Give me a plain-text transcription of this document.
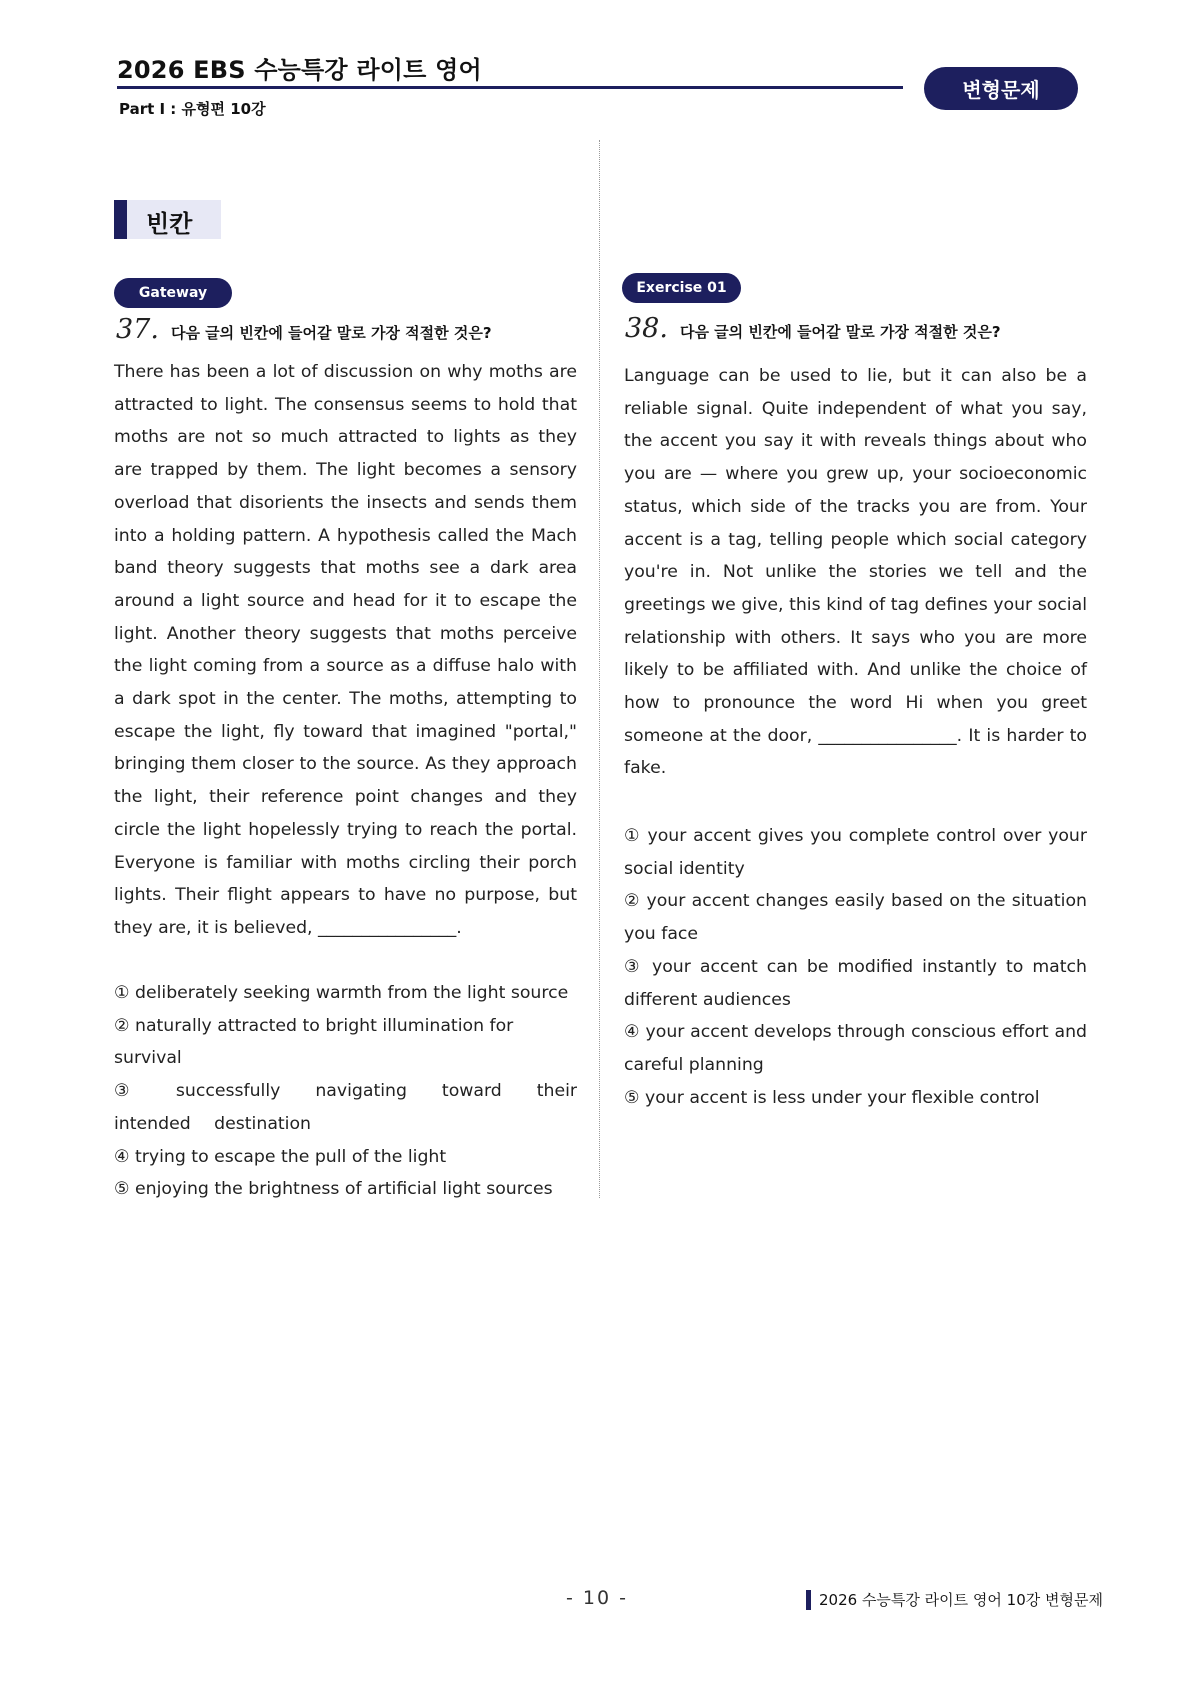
2026 EBS 수능특강 라이트 영어
Part Ⅰ : 유형편 10강
변형문제
빈칸
Gateway
37. 다음 글의 빈칸에 들어갈 말로 가장 적절한 것은?

There has been a lot of discussion on why moths are attracted to light. The consensus seems to hold that moths are not so much attracted to lights as they are trapped by them. The light becomes a sensory overload that disorients the insects and sends them into a holding pattern. A hypothesis called the Mach band theory suggests that moths see a dark area around a light source and head for it to escape the light. Another theory suggests that moths perceive the light coming from a source as a diffuse halo with a dark spot in the center. The moths, attempting to escape the light, fly toward that imagined "portal," bringing them closer to the source. As they approach the light, their reference point changes and they circle the light hopelessly trying to reach the portal. Everyone is familiar with moths circling their porch lights. Their flight appears to have no purpose, but they are, it is believed, ________________.

① deliberately seeking warmth from the light source
② naturally attracted to bright illumination for survival
③ successfully navigating toward their intended destination
④ trying to escape the pull of the light
⑤ enjoying the brightness of artificial light sources
Exercise 01
38. 다음 글의 빈칸에 들어갈 말로 가장 적절한 것은?

Language can be used to lie, but it can also be a reliable signal. Quite independent of what you say, the accent you say it with reveals things about who you are — where you grew up, your socioeconomic status, which side of the tracks you are from. Your accent is a tag, telling people which social category you're in. Not unlike the stories we tell and the greetings we give, this kind of tag defines your social relationship with others. It says who you are more likely to be affiliated with. And unlike the choice of how to pronounce the word Hi when you greet someone at the door, ________________. It is harder to fake.

① your accent gives you complete control over your social identity
② your accent changes easily based on the situation you face
③ your accent can be modified instantly to match different audiences
④ your accent develops through conscious effort and careful planning
⑤ your accent is less under your flexible control
- 10 -	2026 수능특강 라이트 영어 10강 변형문제
